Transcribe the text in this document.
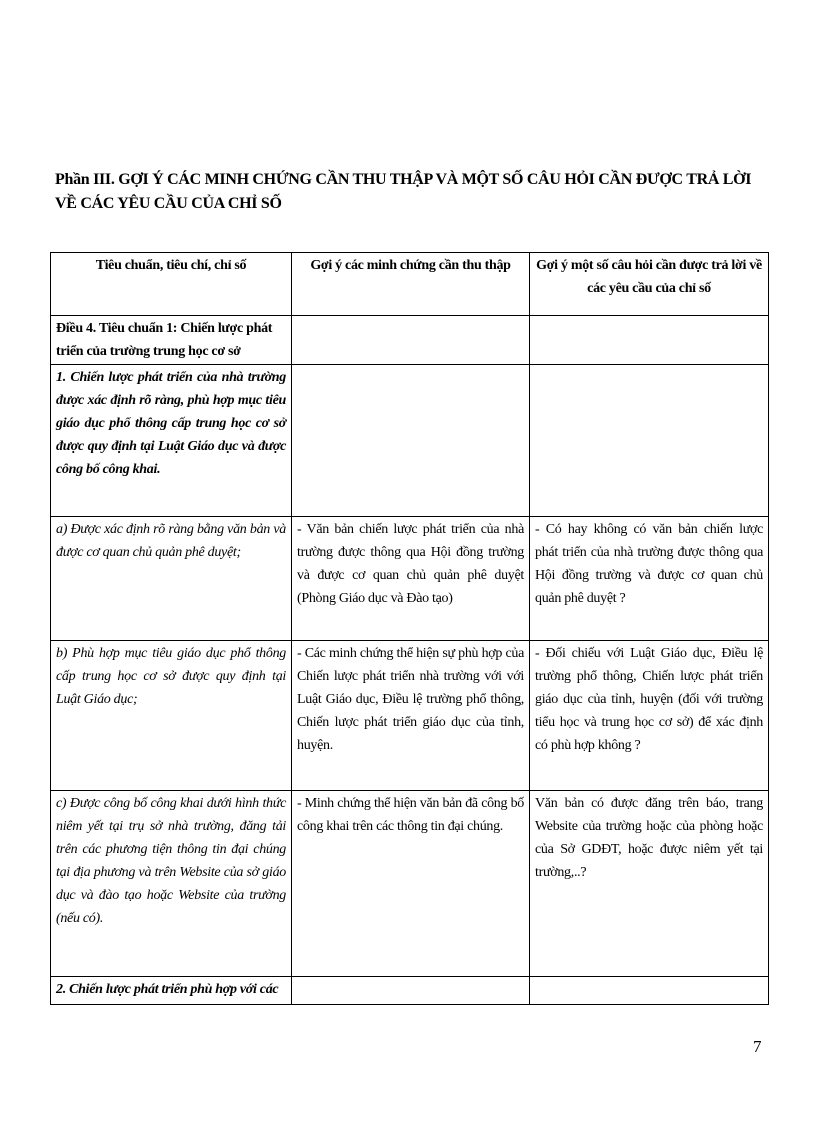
Phần III. GỢI Ý CÁC MINH CHỨNG CẦN THU THẬP VÀ MỘT SỐ CÂU HỎI CẦN ĐƯỢC TRẢ LỜI VỀ CÁC YÊU CẦU CỦA CHỈ SỐ
Tiêu chuẩn, tiêu chí, chỉ số	Gợi ý các minh chứng cần thu thập	Gợi ý một số câu hỏi cần được trả lời về các yêu cầu của chỉ số
Điều 4. Tiêu chuẩn 1: Chiến lược phát triển của trường trung học cơ sở		
1. Chiến lược phát triển của nhà trường được xác định rõ ràng, phù hợp mục tiêu giáo dục phổ thông cấp trung học cơ sở được quy định tại Luật Giáo dục và được công bố công khai.		
a) Được xác định rõ ràng bằng văn bản và được cơ quan chủ quản phê duyệt;	- Văn bản chiến lược phát triển của nhà trường được thông qua Hội đồng trường và được cơ quan chủ quản phê duyệt (Phòng Giáo dục và Đào tạo)	- Có hay không có văn bản chiến lược phát triển của nhà trường được thông qua Hội đồng trường và được cơ quan chủ quản phê duyệt ?
b) Phù hợp mục tiêu giáo dục phổ thông cấp trung học cơ sở được quy định tại Luật Giáo dục;	- Các minh chứng thể hiện sự phù hợp của Chiến lược phát triển nhà trường với với Luật Giáo dục, Điều lệ trường phổ thông, Chiến lược phát triển giáo dục của tỉnh, huyện.	- Đối chiếu với Luật Giáo dục, Điều lệ trường phổ thông, Chiến lược phát triển giáo dục của tỉnh, huyện (đối với trường tiểu học và trung học cơ sở) để xác định có phù hợp không ?
c) Được công bố công khai dưới hình thức niêm yết tại trụ sở nhà trường, đăng tải trên các phương tiện thông tin đại chúng tại địa phương và trên Website của sở giáo dục và đào tạo hoặc Website của trường (nếu có).	- Minh chứng thể hiện văn bản đã công bố công khai trên các thông tin đại chúng.	Văn bản có được đăng trên báo, trang Website của trường hoặc của phòng hoặc của Sở GDĐT, hoặc được niêm yết tại trường,..?
2. Chiến lược phát triển phù hợp với các		
7
